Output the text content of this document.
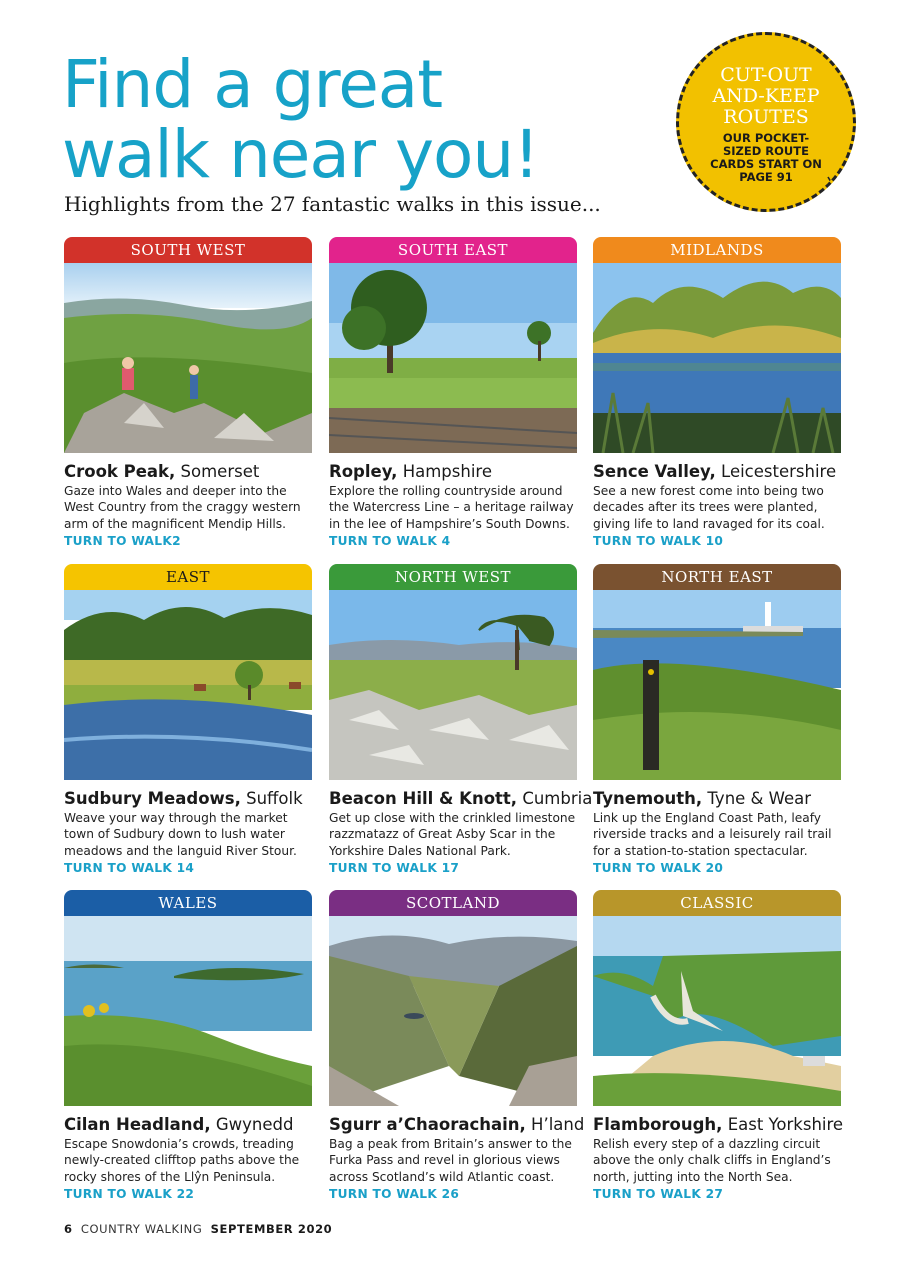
Find a great
walk near you!
Highlights from the 27 fantastic walks in this issue...
CUT-OUT
AND-KEEP
ROUTES
OUR POCKET-SIZED ROUTE CARDS START ON PAGE 91
SOUTH WEST
Crook Peak, Somerset
Gaze into Wales and deeper into the West Country from the craggy western arm of the magnificent Mendip Hills.
TURN TO WALK2
SOUTH EAST
Ropley, Hampshire
Explore the rolling countryside around the Watercress Line – a heritage railway in the lee of Hampshire’s South Downs.
TURN TO WALK 4
MIDLANDS
Sence Valley, Leicestershire
See a new forest come into being two decades after its trees were planted, giving life to land ravaged for its coal.
TURN TO WALK 10
EAST
Sudbury Meadows, Suffolk
Weave your way through the market town of Sudbury down to lush water meadows and the languid River Stour.
TURN TO WALK 14
NORTH WEST
Beacon Hill & Knott, Cumbria
Get up close with the crinkled limestone razzmatazz of Great Asby Scar in the Yorkshire Dales National Park.
TURN TO WALK 17
NORTH EAST
Tynemouth, Tyne & Wear
Link up the England Coast Path, leafy riverside tracks and a leisurely rail trail for a station-to-station spectacular.
TURN TO WALK 20
WALES
Cilan Headland, Gwynedd
Escape Snowdonia’s crowds, treading newly-created clifftop paths above the rocky shores of the Llŷn Peninsula.
TURN TO WALK 22
SCOTLAND
Sgurr a’Chaorachain, H’land
Bag a peak from Britain’s answer to the Furka Pass and revel in glorious views across Scotland’s wild Atlantic coast.
TURN TO WALK 26
CLASSIC
Flamborough, East Yorkshire
Relish every step of a dazzling circuit above the only chalk cliffs in England’s north, jutting into the North Sea.
TURN TO WALK 27
6 COUNTRY WALKING SEPTEMBER 2020
